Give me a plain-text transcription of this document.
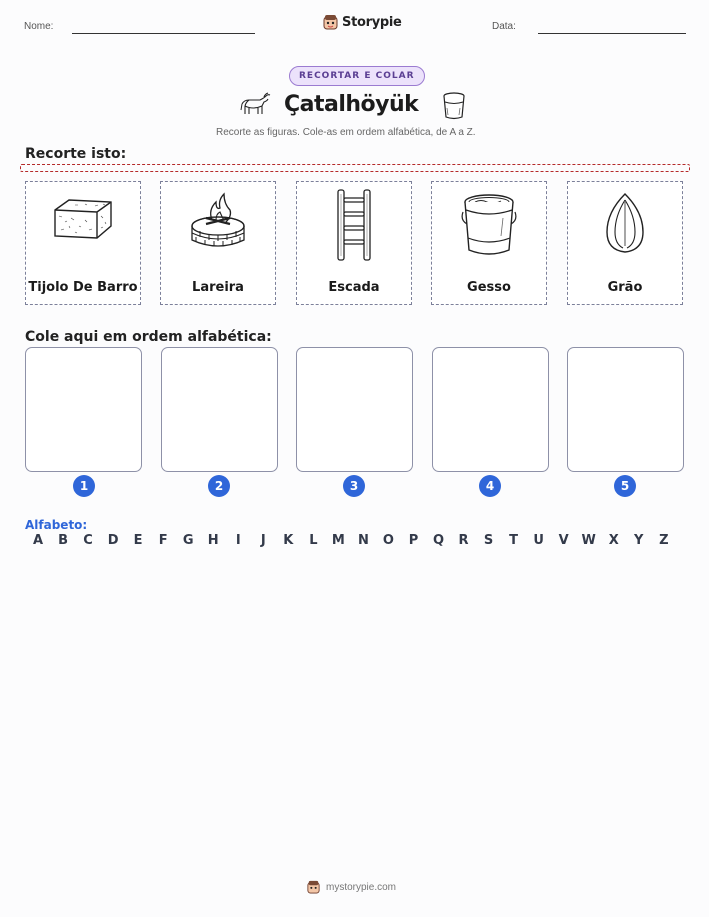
Nome:	Storypie	Data:
RECORTAR E COLAR
Çatalhöyük
Recorte as figuras. Cole-as em ordem alfabética, de A a Z.
Recorte isto:
Tijolo De Barro	Lareira	Escada	Gesso	Grão
Cole aqui em ordem alfabética:
1	2	3	4	5
Alfabeto:
A B C D E F G H	I	J	K L M N O P Q R S T U V W X Y Z
mystorypie.com
